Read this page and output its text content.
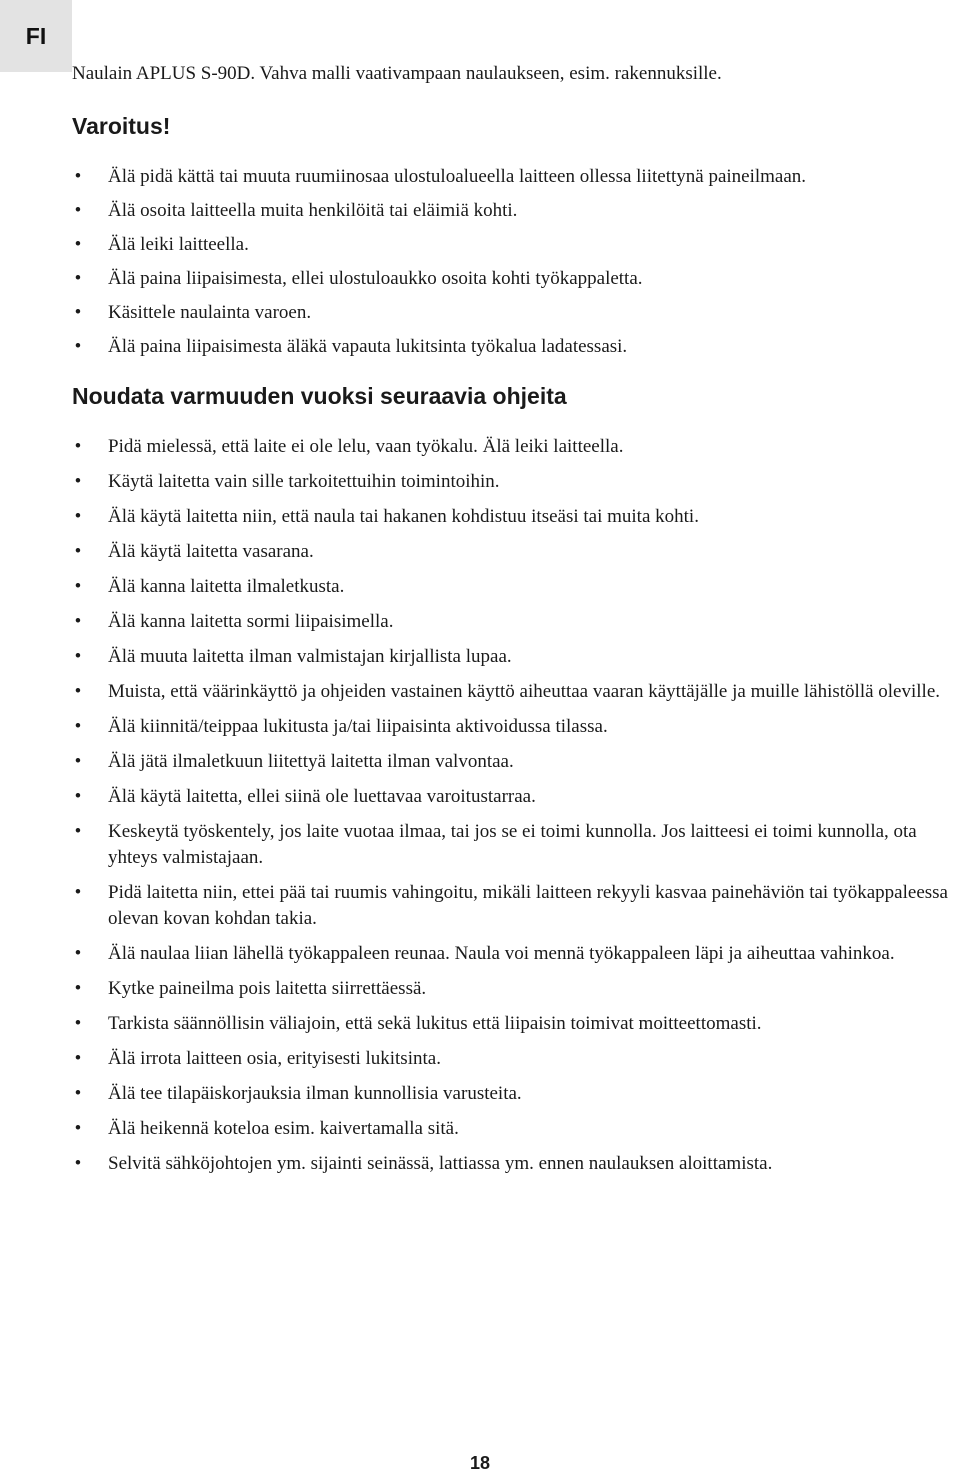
FI

Naulain APLUS S-90D. Vahva malli vaativampaan naulaukseen, esim. rakennuksille.

Varoitus!
• Älä pidä kättä tai muuta ruumiinosaa ulostuloalueella laitteen ollessa liitettynä paineilmaan.
• Älä osoita laitteella muita henkilöitä tai eläimiä kohti.
• Älä leiki laitteella.
• Älä paina liipaisimesta, ellei ulostuloaukko osoita kohti työkappaletta.
• Käsittele naulainta varoen.
• Älä paina liipaisimesta äläkä vapauta lukitsinta työkalua ladatessasi.
Noudata varmuuden vuoksi seuraavia ohjeita
• Pidä mielessä, että laite ei ole lelu, vaan työkalu. Älä leiki laitteella.
• Käytä laitetta vain sille tarkoitettuihin toimintoihin.
• Älä käytä laitetta niin, että naula tai hakanen kohdistuu itseäsi tai muita kohti.
• Älä käytä laitetta vasarana.
• Älä kanna laitetta ilmaletkusta.
• Älä kanna laitetta sormi liipaisimella.
• Älä muuta laitetta ilman valmistajan kirjallista lupaa.
• Muista, että väärinkäyttö ja ohjeiden vastainen käyttö aiheuttaa vaaran käyttäjälle ja muille lähistöllä oleville.
• Älä kiinnitä/teippaa lukitusta ja/tai liipaisinta aktivoidussa tilassa.
• Älä jätä ilmaletkuun liitettyä laitetta ilman valvontaa.
• Älä käytä laitetta, ellei siinä ole luettavaa varoitustarraa.
• Keskeytä työskentely, jos laite vuotaa ilmaa, tai jos se ei toimi kunnolla. Jos laitteesi ei toimi kunnolla, ota yhteys valmistajaan.
• Pidä laitetta niin, ettei pää tai ruumis vahingoitu, mikäli laitteen rekyyli kasvaa painehäviön tai työkappaleessa olevan kovan kohdan takia.
• Älä naulaa liian lähellä työkappaleen reunaa. Naula voi mennä työkappaleen läpi ja aiheuttaa vahinkoa.
• Kytke paineilma pois laitetta siirrettäessä.
• Tarkista säännöllisin väliajoin, että sekä lukitus että liipaisin toimivat moitteettomasti.
• Älä irrota laitteen osia, erityisesti lukitsinta.
• Älä tee tilapäiskorjauksia ilman kunnollisia varusteita.
• Älä heikennä koteloa esim. kaivertamalla sitä.
• Selvitä sähköjohtojen ym. sijainti seinässä, lattiassa ym. ennen naulauksen aloittamista.
18
